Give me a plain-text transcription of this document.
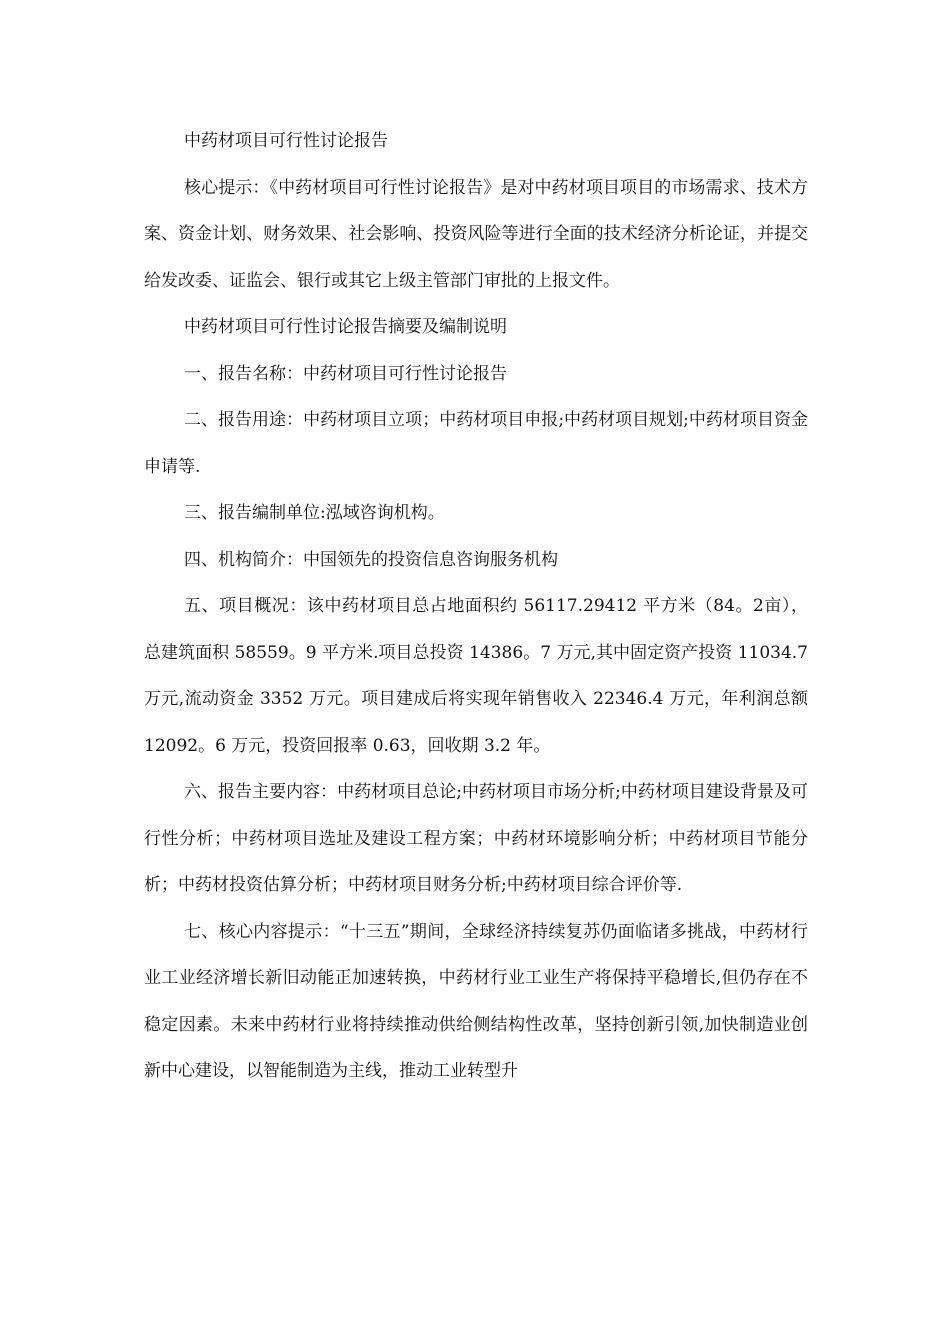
中药材项目可行性讨论报告

核心提示：《中药材项目可行性讨论报告》是对中药材项目项目的市场需求、技术方案、资金计划、财务效果、社会影响、投资风险等进行全面的技术经济分析论证，并提交给发改委、证监会、银行或其它上级主管部门审批的上报文件。

中药材项目可行性讨论报告摘要及编制说明

一、报告名称：中药材项目可行性讨论报告

二、报告用途：中药材项目立项；中药材项目申报;中药材项目规划;中药材项目资金申请等.

三、报告编制单位:泓域咨询机构。

四、机构简介：中国领先的投资信息咨询服务机构

五、项目概况：该中药材项目总占地面积约 56117.29412 平方米（84。2亩），总建筑面积 58559。9 平方米.项目总投资 14386。7 万元,其中固定资产投资 11034.7 万元,流动资金 3352 万元。项目建成后将实现年销售收入 22346.4 万元，年利润总额 12092。6 万元，投资回报率 0.63，回收期 3.2 年。

六、报告主要内容：中药材项目总论;中药材项目市场分析;中药材项目建设背景及可行性分析；中药材项目选址及建设工程方案；中药材环境影响分析；中药材项目节能分析；中药材投资估算分析；中药材项目财务分析;中药材项目综合评价等.

七、核心内容提示：“十三五”期间，全球经济持续复苏仍面临诸多挑战，中药材行业工业经济增长新旧动能正加速转换，中药材行业工业生产将保持平稳增长,但仍存在不稳定因素。未来中药材行业将持续推动供给侧结构性改革，坚持创新引领,加快制造业创新中心建设，以智能制造为主线，推动工业转型升
